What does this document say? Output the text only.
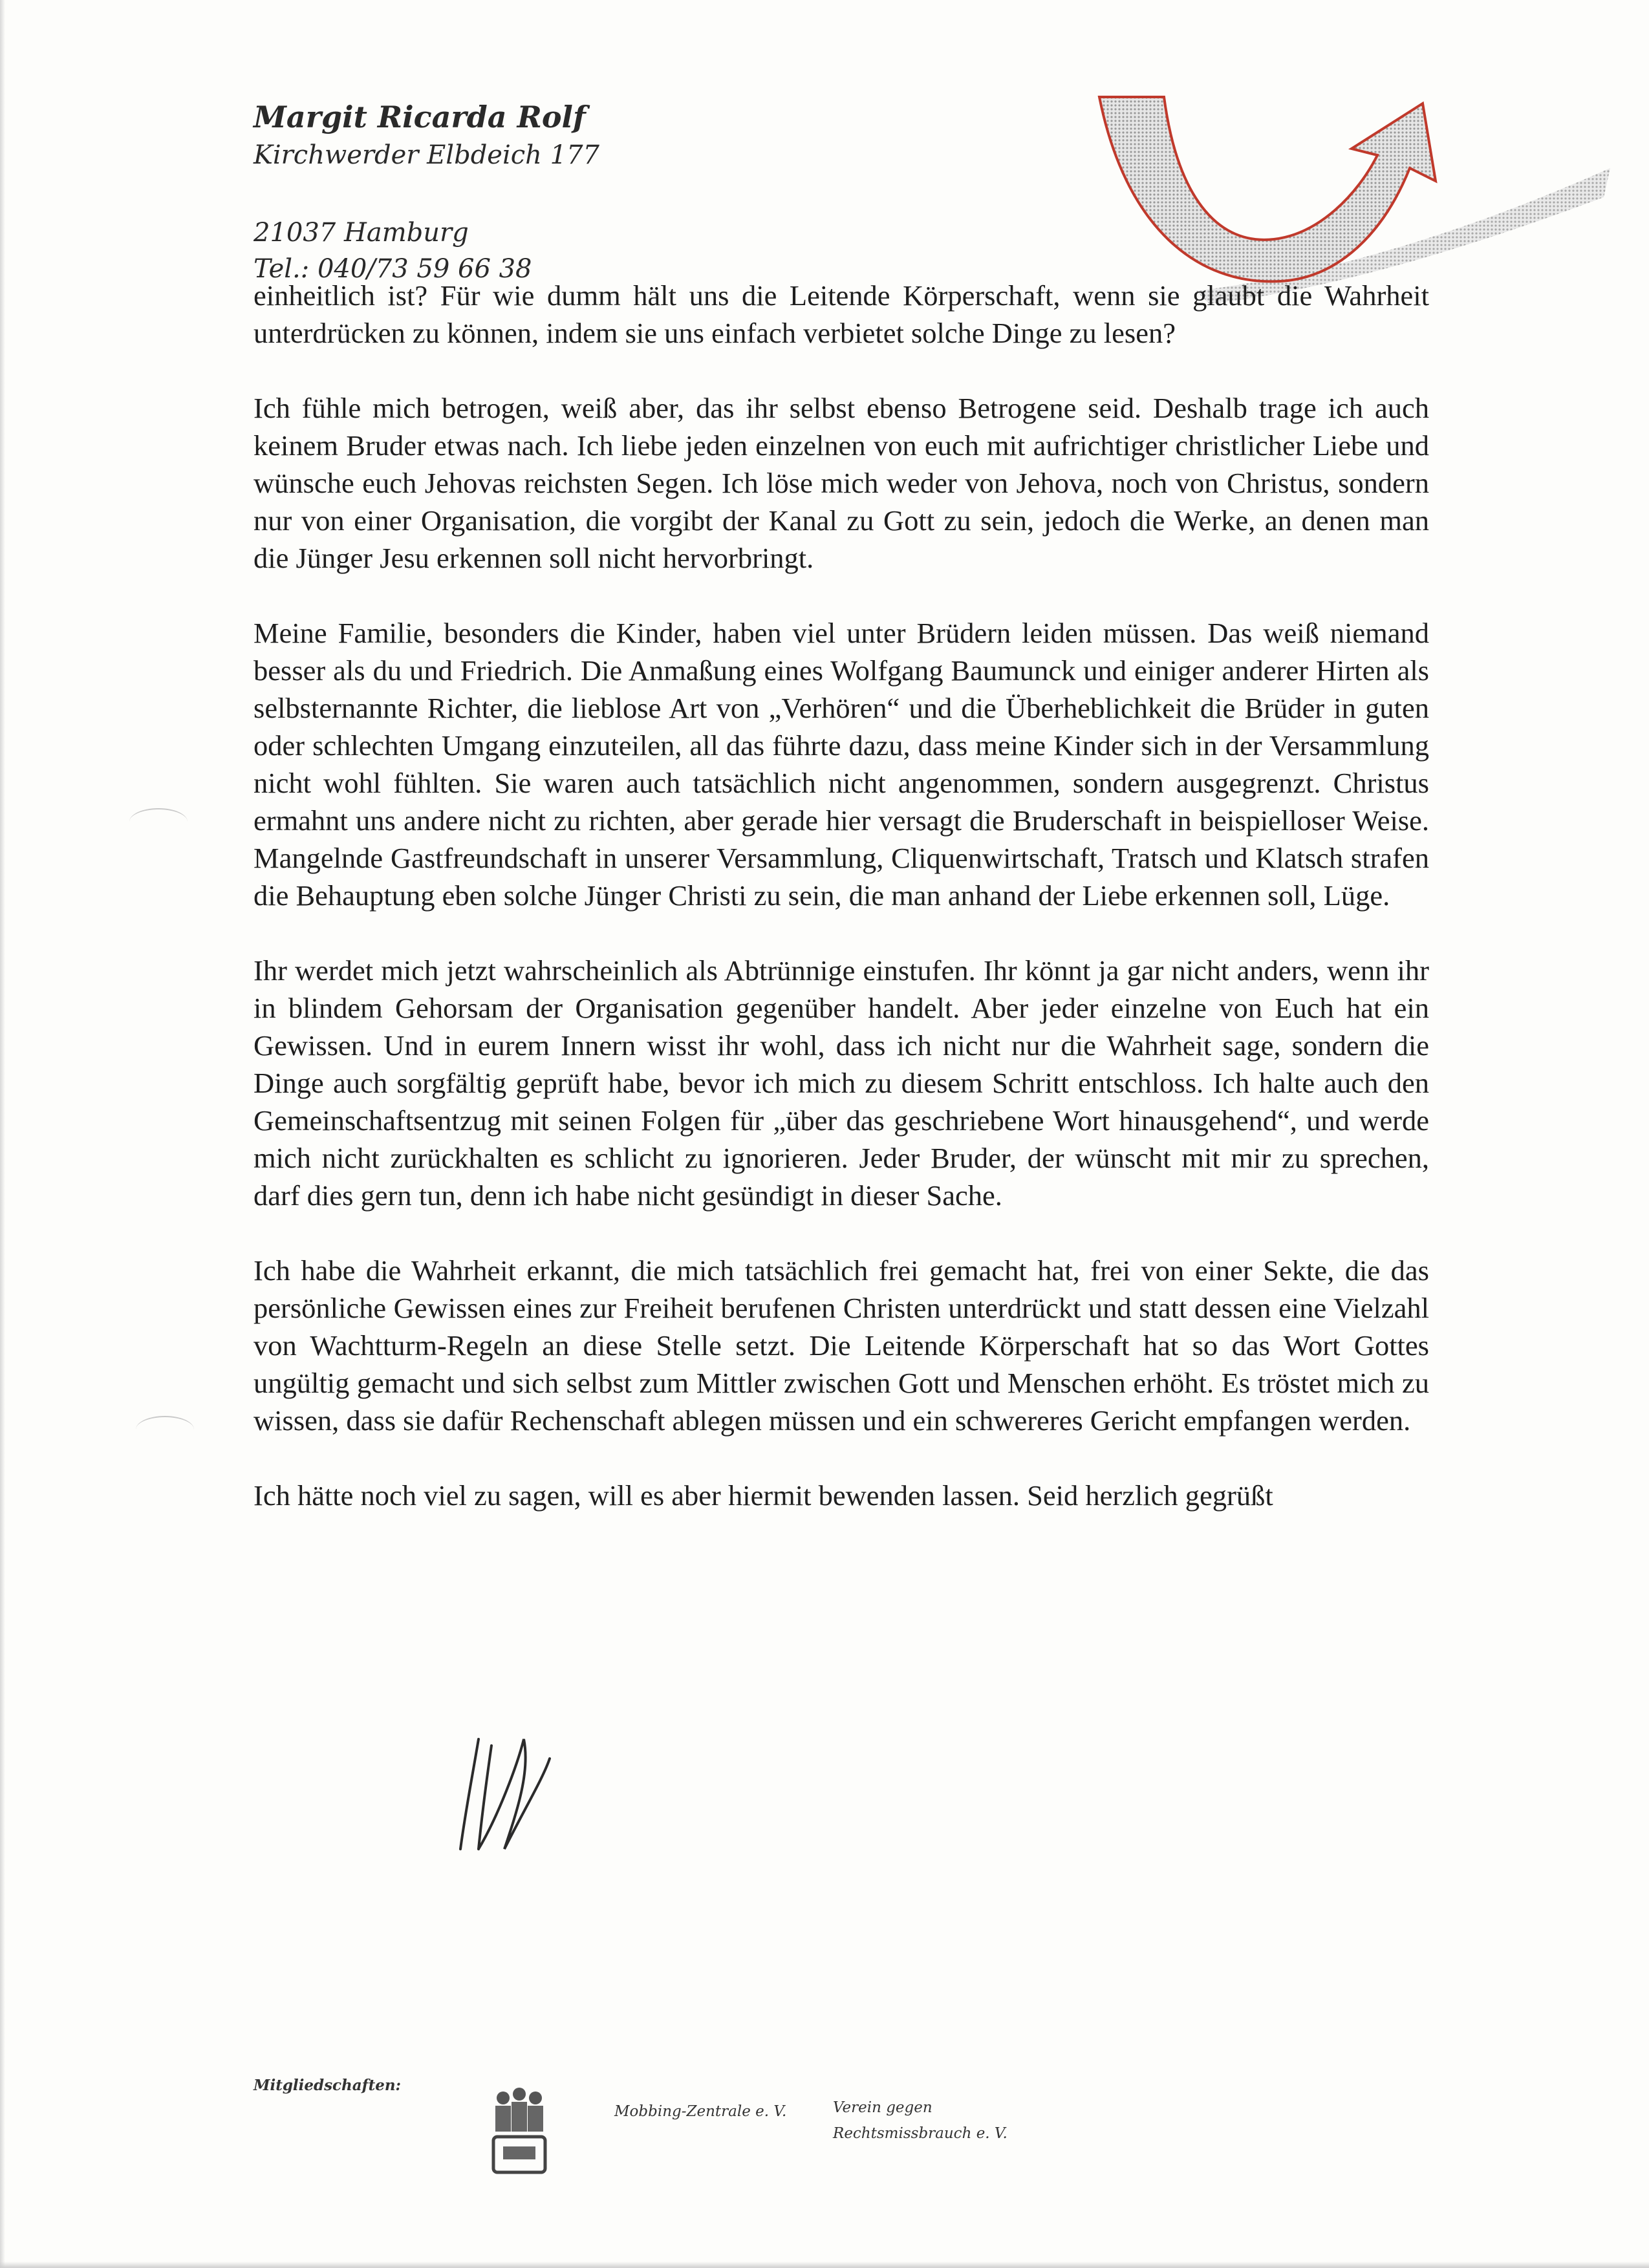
Margit Ricarda Rolf
Kirchwerder Elbdeich 177
21037 Hamburg
Tel.: 040/73 59 66 38

einheitlich ist? Für wie dumm hält uns die Leitende Körperschaft, wenn sie glaubt die Wahrheit unterdrücken zu können, indem sie uns einfach verbietet solche Dinge zu lesen?

Ich fühle mich betrogen, weiß aber, das ihr selbst ebenso Betrogene seid. Deshalb trage ich auch keinem Bruder etwas nach. Ich liebe jeden einzelnen von euch mit aufrichtiger christlicher Liebe und wünsche euch Jehovas reichsten Segen. Ich löse mich weder von Jehova, noch von Christus, sondern nur von einer Organisation, die vorgibt der Kanal zu Gott zu sein, jedoch die Werke, an denen man die Jünger Jesu erkennen soll nicht hervorbringt.

Meine Familie, besonders die Kinder, haben viel unter Brüdern leiden müssen. Das weiß niemand besser als du und Friedrich. Die Anmaßung eines Wolfgang Baumunck und einiger anderer Hirten als selbsternannte Richter, die lieblose Art von „Verhören“ und die Überheblichkeit die Brüder in guten oder schlechten Umgang einzuteilen, all das führte dazu, dass meine Kinder sich in der Versammlung nicht wohl fühlten. Sie waren auch tatsächlich nicht angenommen, sondern ausgegrenzt. Christus ermahnt uns andere nicht zu richten, aber gerade hier versagt die Bruderschaft in beispielloser Weise. Mangelnde Gastfreundschaft in unserer Versammlung, Cliquenwirtschaft, Tratsch und Klatsch strafen die Behauptung eben solche Jünger Christi zu sein, die man anhand der Liebe erkennen soll, Lüge.

Ihr werdet mich jetzt wahrscheinlich als Abtrünnige einstufen. Ihr könnt ja gar nicht anders, wenn ihr in blindem Gehorsam der Organisation gegenüber handelt. Aber jeder einzelne von Euch hat ein Gewissen. Und in eurem Innern wisst ihr wohl, dass ich nicht nur die Wahrheit sage, sondern die Dinge auch sorgfältig geprüft habe, bevor ich mich zu diesem Schritt entschloss. Ich halte auch den Gemeinschaftsentzug mit seinen Folgen für „über das geschriebene Wort hinausgehend“, und werde mich nicht zurückhalten es schlicht zu ignorieren. Jeder Bruder, der wünscht mit mir zu sprechen, darf dies gern tun, denn ich habe nicht gesündigt in dieser Sache.

Ich habe die Wahrheit erkannt, die mich tatsächlich frei gemacht hat, frei von einer Sekte, die das persönliche Gewissen eines zur Freiheit berufenen Christen unterdrückt und statt dessen eine Vielzahl von Wachtturm-Regeln an diese Stelle setzt. Die Leitende Körperschaft hat so das Wort Gottes ungültig gemacht und sich selbst zum Mittler zwischen Gott und Menschen erhöht. Es tröstet mich zu wissen, dass sie dafür Rechenschaft ablegen müssen und ein schwereres Gericht empfangen werden.

Ich hätte noch viel zu sagen, will es aber hiermit bewenden lassen. Seid herzlich gegrüßt

Mitgliedschaften:
Mobbing-Zentrale e. V.	Verein gegen
Rechtsmissbrauch e. V.
